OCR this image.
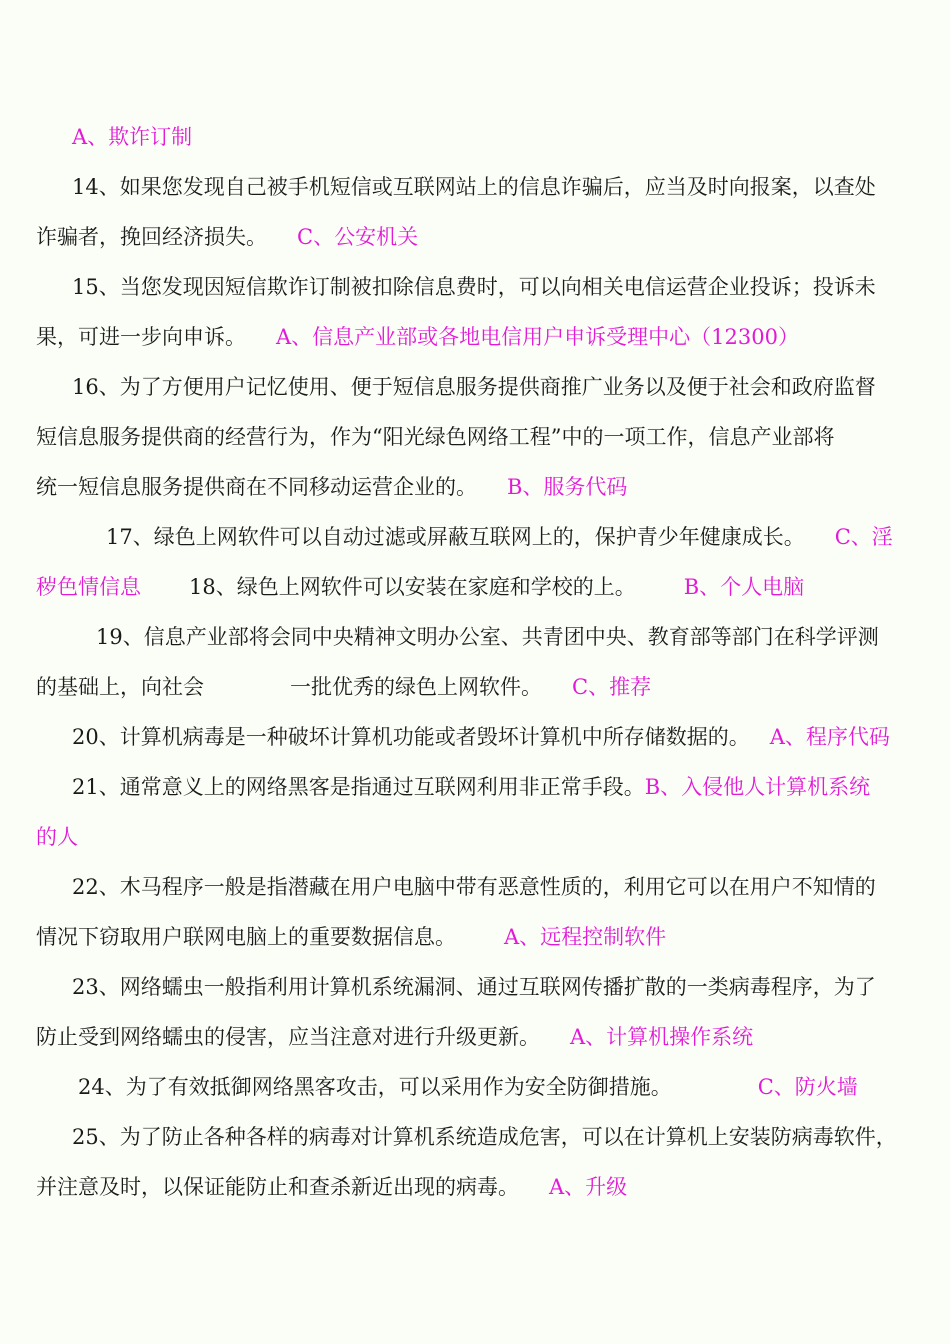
A、欺诈订制
14、如果您发现自己被手机短信或互联网站上的信息诈骗后，应当及时向报案，以查处
诈骗者，挽回经济损失。 C、公安机关
15、当您发现因短信欺诈订制被扣除信息费时，可以向相关电信运营企业投诉；投诉未
果，可进一步向申诉。 A、信息产业部或各地电信用户申诉受理中心（12300）
16、为了方便用户记忆使用、便于短信息服务提供商推广业务以及便于社会和政府监督
短信息服务提供商的经营行为，作为“阳光绿色网络工程”中的一项工作，信息产业部将
统一短信息服务提供商在不同移动运营企业的。 B、服务代码
17、绿色上网软件可以自动过滤或屏蔽互联网上的，保护青少年健康成长。 C、淫
秽色情信息 18、绿色上网软件可以安装在家庭和学校的上。 B、个人电脑
19、信息产业部将会同中央精神文明办公室、共青团中央、教育部等部门在科学评测
的基础上，向社会	一批优秀的绿色上网软件。 C、推荐
20、计算机病毒是一种破坏计算机功能或者毁坏计算机中所存储数据的。 A、程序代码
21、通常意义上的网络黑客是指通过互联网利用非正常手段。B、入侵他人计算机系统
的人
22、木马程序一般是指潜藏在用户电脑中带有恶意性质的，利用它可以在用户不知情的
情况下窃取用户联网电脑上的重要数据信息。 A、远程控制软件
23、网络蠕虫一般指利用计算机系统漏洞、通过互联网传播扩散的一类病毒程序，为了
防止受到网络蠕虫的侵害，应当注意对进行升级更新。 A、计算机操作系统
24、为了有效抵御网络黑客攻击，可以采用作为安全防御措施。	C、防火墙
25、为了防止各种各样的病毒对计算机系统造成危害，可以在计算机上安装防病毒软件，
并注意及时，以保证能防止和查杀新近出现的病毒。 A、升级
